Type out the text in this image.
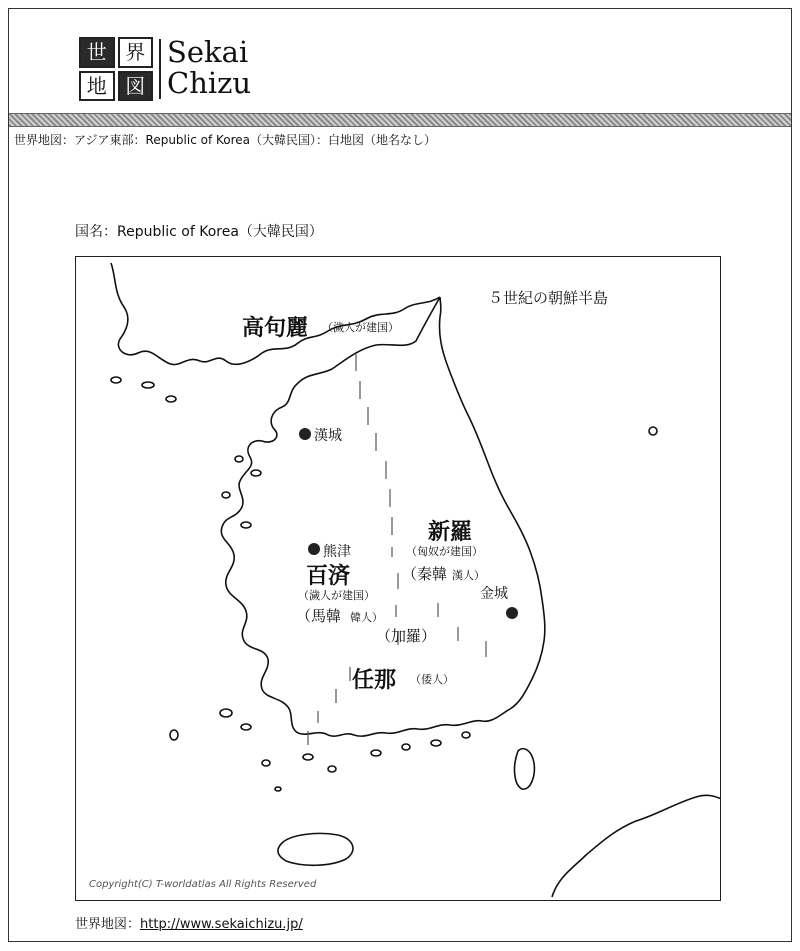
世 界
地 図
Sekai
Chizu
世界地図：アジア東部：Republic of Korea（大韓民国）：白地図（地名なし）
国名：Republic of Korea（大韓民国）
５世紀の朝鮮半島
高句麗 （濊人が建国）
漢城
新羅
（匈奴が建国）
（秦韓 漢人）
熊津
百済
（濊人が建国）
（馬韓 韓人）
金城
（加羅）
任那 （倭人）
Copyright(C) T-worldatlas All Rights Reserved
世界地図：http://www.sekaichizu.jp/
